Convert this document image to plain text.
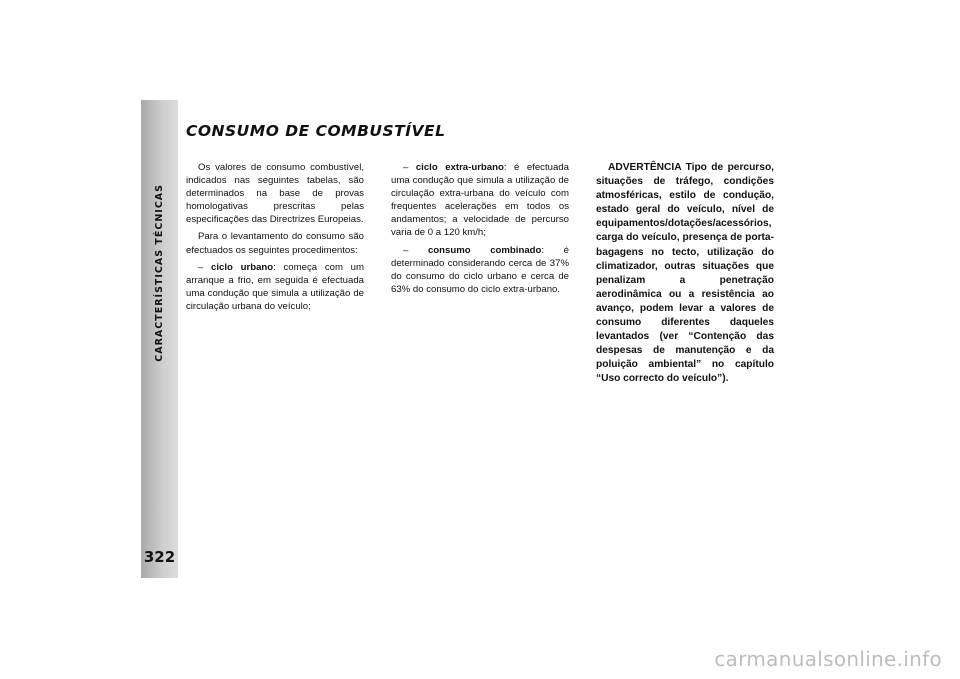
CARACTERÍSTICAS TÉCNICAS
322
CONSUMO DE COMBUSTÍVEL

Os valores de consumo combustível, indicados nas seguintes tabelas, são determinados na base de provas homologativas prescritas pelas especificações das Directrizes Europeias.

Para o levantamento do consumo são efectuados os seguintes procedimentos:

– ciclo urbano: começa com um arranque a frio, em seguida é efectuada uma condução que simula a utilização de circulação urbana do veículo;

– ciclo extra-urbano: é efectuada uma condução que simula a utilização de circulação extra-urbana do veículo com frequentes acelerações em todos os andamentos; a velocidade de percurso varia de 0 a 120 km/h;

– consumo combinado: é determinado considerando cerca de 37% do consumo do ciclo urbano e cerca de 63% do consumo do ciclo extra-urbano.

ADVERTÊNCIA Tipo de percurso, situações de tráfego, condições atmosféricas, estilo de condução, estado geral do veículo, nível de equipamentos/dotações/acessórios, carga do veículo, presença de porta-bagagens no tecto, utilização do climatizador, outras situações que penalizam a penetração aerodinâmica ou a resistência ao avanço, podem levar a valores de consumo diferentes daqueles levantados (ver “Contenção das despesas de manutenção e da poluição ambiental” no capítulo “Uso correcto do veículo”).

carmanualsonline.info
